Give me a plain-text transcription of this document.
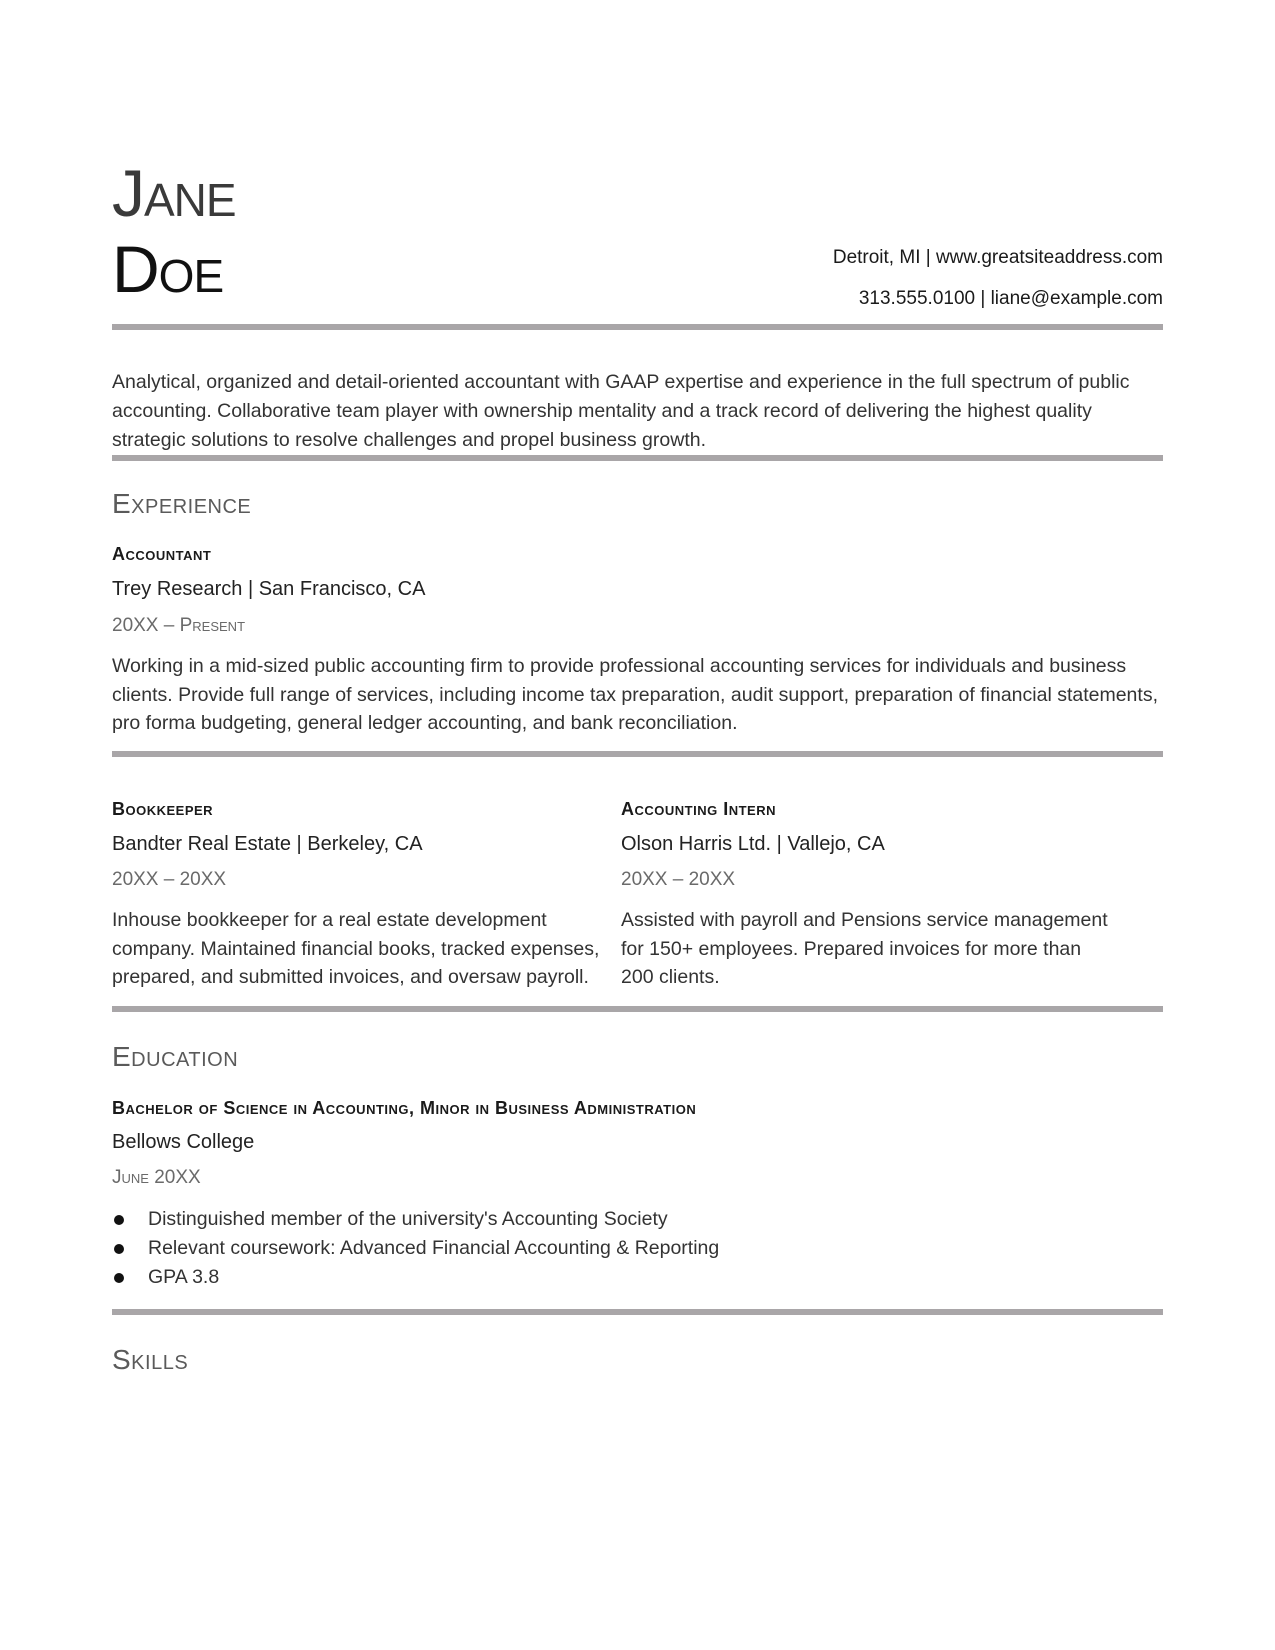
Jane
Doe	Detroit, MI | www.greatsiteaddress.com
313.555.0100 | liane@example.com
Analytical, organized and detail-oriented accountant with GAAP expertise and experience in the full spectrum of public accounting. Collaborative team player with ownership mentality and a track record of delivering the highest quality strategic solutions to resolve challenges and propel business growth.
Experience
Accountant
Trey Research | San Francisco, CA
20XX – Present
Working in a mid-sized public accounting firm to provide professional accounting services for individuals and business clients. Provide full range of services, including income tax preparation, audit support, preparation of financial statements, pro forma budgeting, general ledger accounting, and bank reconciliation.
Bookkeeper
Bandter Real Estate | Berkeley, CA
20XX – 20XX
Inhouse bookkeeper for a real estate development company. Maintained financial books, tracked expenses, prepared, and submitted invoices, and oversaw payroll.
Accounting Intern
Olson Harris Ltd. | Vallejo, CA
20XX – 20XX
Assisted with payroll and Pensions service management for 150+ employees. Prepared invoices for more than 200 clients.
Education
Bachelor of Science in Accounting, Minor in Business Administration
Bellows College
June 20XX
Distinguished member of the university's Accounting Society
Relevant coursework: Advanced Financial Accounting & Reporting
GPA 3.8
Skills
